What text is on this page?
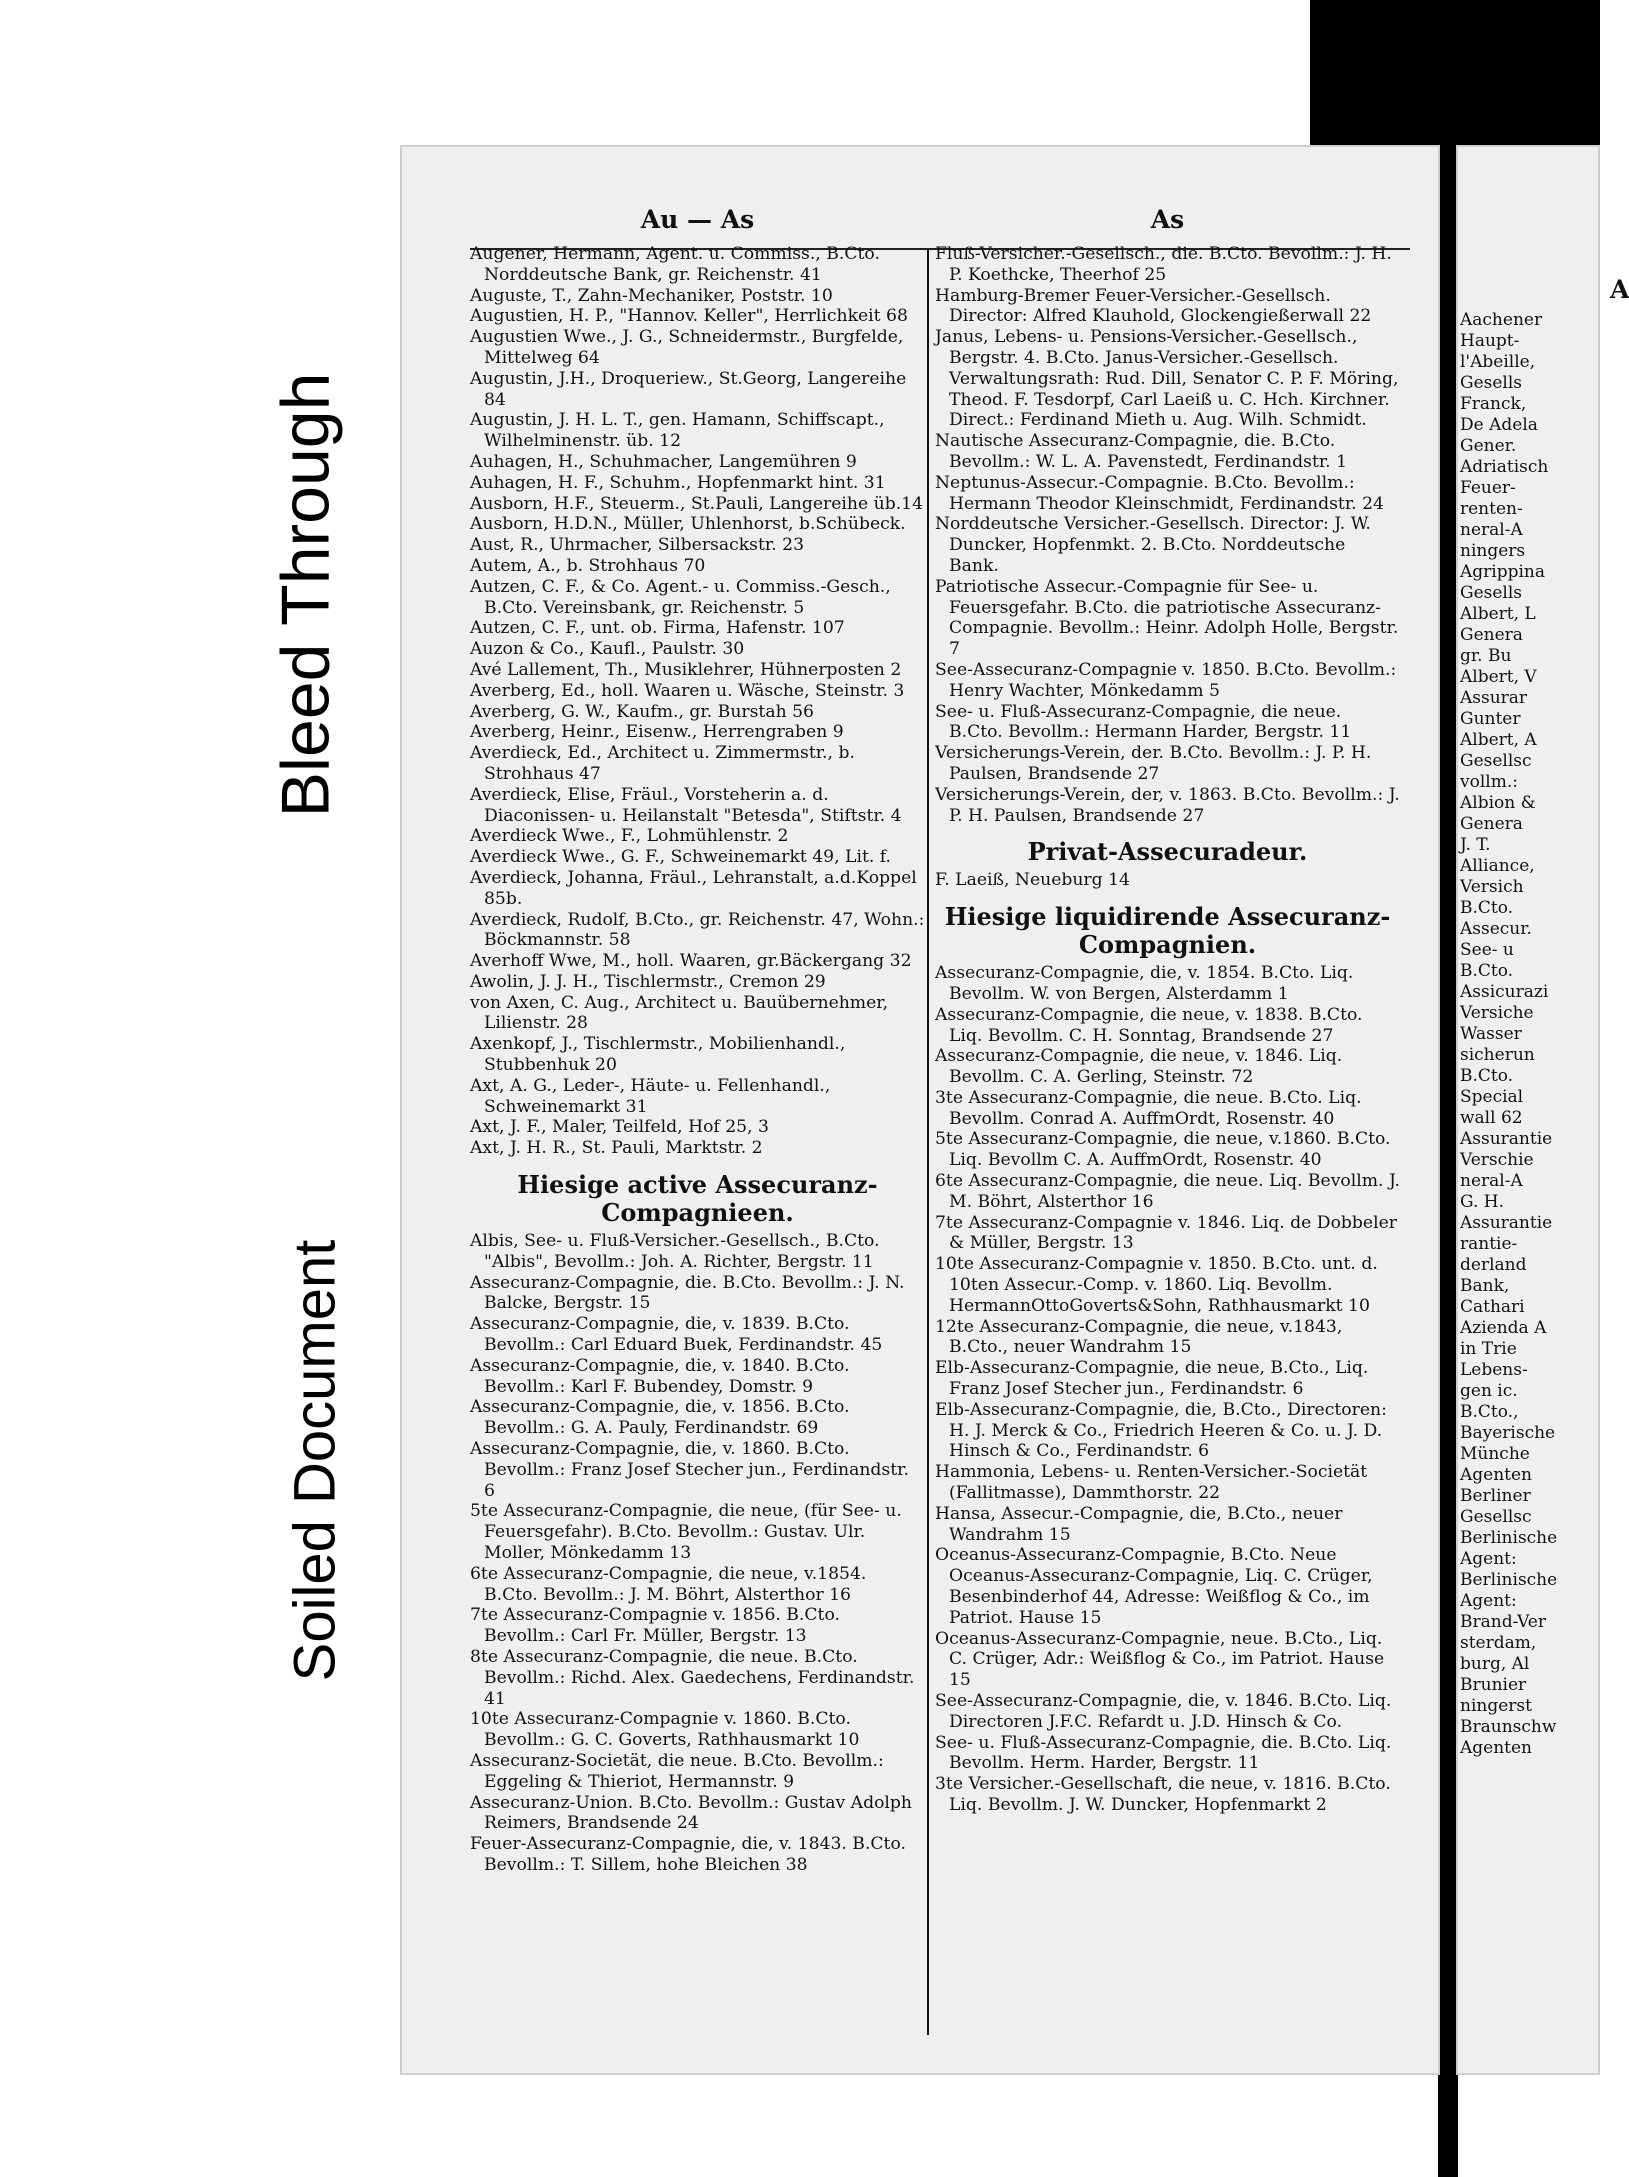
Bleed Through
Soiled Document
Au — As
Augener, Hermann, Agent. u. Commiss., B.Cto. Norddeutsche Bank, gr. Reichenstr. 41
Auguste, T., Zahn-Mechaniker, Poststr. 10
Augustien, H. P., "Hannov. Keller", Herrlichkeit 68
Augustien Wwe., J. G., Schneidermstr., Burgfelde, Mittelweg 64
Augustin, J.H., Droqueriew., St.Georg, Langereihe 84
Augustin, J. H. L. T., gen. Hamann, Schiffscapt., Wilhelminenstr. üb. 12
Auhagen, H., Schuhmacher, Langemühren 9
Auhagen, H. F., Schuhm., Hopfenmarkt hint. 31
Ausborn, H.F., Steuerm., St.Pauli, Langereihe üb.14
Ausborn, H.D.N., Müller, Uhlenhorst, b.Schübeck.
Aust, R., Uhrmacher, Silbersackstr. 23
Autem, A., b. Strohhaus 70
Autzen, C. F., & Co. Agent.- u. Commiss.-Gesch., B.Cto. Vereinsbank, gr. Reichenstr. 5
Autzen, C. F., unt. ob. Firma, Hafenstr. 107
Auzon & Co., Kaufl., Paulstr. 30
Avé Lallement, Th., Musiklehrer, Hühnerposten 2
Averberg, Ed., holl. Waaren u. Wäsche, Steinstr. 3
Averberg, G. W., Kaufm., gr. Burstah 56
Averberg, Heinr., Eisenw., Herrengraben 9
Averdieck, Ed., Architect u. Zimmermstr., b. Strohhaus 47
Averdieck, Elise, Fräul., Vorsteherin a. d. Diaconissen- u. Heilanstalt "Betesda", Stiftstr. 4
Averdieck Wwe., F., Lohmühlenstr. 2
Averdieck Wwe., G. F., Schweinemarkt 49, Lit. f.
Averdieck, Johanna, Fräul., Lehranstalt, a.d.Koppel 85b.
Averdieck, Rudolf, B.Cto., gr. Reichenstr. 47, Wohn.: Böckmannstr. 58
Averhoff Wwe, M., holl. Waaren, gr.Bäckergang 32
Awolin, J. J. H., Tischlermstr., Cremon 29
von Axen, C. Aug., Architect u. Bauübernehmer, Lilienstr. 28
Axenkopf, J., Tischlermstr., Mobilienhandl., Stubbenhuk 20
Axt, A. G., Leder-, Häute- u. Fellenhandl., Schweinemarkt 31
Axt, J. F., Maler, Teilfeld, Hof 25, 3
Axt, J. H. R., St. Pauli, Marktstr. 2
Hiesige active Assecuranz-Compagnieen.
Albis, See- u. Fluß-Versicher.-Gesellsch., B.Cto. "Albis", Bevollm.: Joh. A. Richter, Bergstr. 11
Assecuranz-Compagnie, die. B.Cto. Bevollm.: J. N. Balcke, Bergstr. 15
Assecuranz-Compagnie, die, v. 1839. B.Cto. Bevollm.: Carl Eduard Buek, Ferdinandstr. 45
Assecuranz-Compagnie, die, v. 1840. B.Cto. Bevollm.: Karl F. Bubendey, Domstr. 9
Assecuranz-Compagnie, die, v. 1856. B.Cto. Bevollm.: G. A. Pauly, Ferdinandstr. 69
Assecuranz-Compagnie, die, v. 1860. B.Cto. Bevollm.: Franz Josef Stecher jun., Ferdinandstr. 6
5te Assecuranz-Compagnie, die neue, (für See- u. Feuersgefahr). B.Cto. Bevollm.: Gustav. Ulr. Moller, Mönkedamm 13
6te Assecuranz-Compagnie, die neue, v.1854. B.Cto. Bevollm.: J. M. Böhrt, Alsterthor 16
7te Assecuranz-Compagnie v. 1856. B.Cto. Bevollm.: Carl Fr. Müller, Bergstr. 13
8te Assecuranz-Compagnie, die neue. B.Cto. Bevollm.: Richd. Alex. Gaedechens, Ferdinandstr. 41
10te Assecuranz-Compagnie v. 1860. B.Cto. Bevollm.: G. C. Goverts, Rathhausmarkt 10
Assecuranz-Societät, die neue. B.Cto. Bevollm.: Eggeling & Thieriot, Hermannstr. 9
Assecuranz-Union. B.Cto. Bevollm.: Gustav Adolph Reimers, Brandsende 24
Feuer-Assecuranz-Compagnie, die, v. 1843. B.Cto. Bevollm.: T. Sillem, hohe Bleichen 38
As
Fluß-Versicher.-Gesellsch., die. B.Cto. Bevollm.: J. H. P. Koethcke, Theerhof 25
Hamburg-Bremer Feuer-Versicher.-Gesellsch. Director: Alfred Klauhold, Glockengießerwall 22
Janus, Lebens- u. Pensions-Versicher.-Gesellsch., Bergstr. 4. B.Cto. Janus-Versicher.-Gesellsch. Verwaltungsrath: Rud. Dill, Senator C. P. F. Möring, Theod. F. Tesdorpf, Carl Laeiß u. C. Hch. Kirchner. Direct.: Ferdinand Mieth u. Aug. Wilh. Schmidt.
Nautische Assecuranz-Compagnie, die. B.Cto. Bevollm.: W. L. A. Pavenstedt, Ferdinandstr. 1
Neptunus-Assecur.-Compagnie. B.Cto. Bevollm.: Hermann Theodor Kleinschmidt, Ferdinandstr. 24
Norddeutsche Versicher.-Gesellsch. Director: J. W. Duncker, Hopfenmkt. 2. B.Cto. Norddeutsche Bank.
Patriotische Assecur.-Compagnie für See- u. Feuersgefahr. B.Cto. die patriotische Assecuranz-Compagnie. Bevollm.: Heinr. Adolph Holle, Bergstr. 7
See-Assecuranz-Compagnie v. 1850. B.Cto. Bevollm.: Henry Wachter, Mönkedamm 5
See- u. Fluß-Assecuranz-Compagnie, die neue. B.Cto. Bevollm.: Hermann Harder, Bergstr. 11
Versicherungs-Verein, der. B.Cto. Bevollm.: J. P. H. Paulsen, Brandsende 27
Versicherungs-Verein, der, v. 1863. B.Cto. Bevollm.: J. P. H. Paulsen, Brandsende 27
Privat-Assecuradeur.
F. Laeiß, Neueburg 14
Hiesige liquidirende Assecuranz-Compagnien.
Assecuranz-Compagnie, die, v. 1854. B.Cto. Liq. Bevollm. W. von Bergen, Alsterdamm 1
Assecuranz-Compagnie, die neue, v. 1838. B.Cto. Liq. Bevollm. C. H. Sonntag, Brandsende 27
Assecuranz-Compagnie, die neue, v. 1846. Liq. Bevollm. C. A. Gerling, Steinstr. 72
3te Assecuranz-Compagnie, die neue. B.Cto. Liq. Bevollm. Conrad A. AuffmOrdt, Rosenstr. 40
5te Assecuranz-Compagnie, die neue, v.1860. B.Cto. Liq. Bevollm C. A. AuffmOrdt, Rosenstr. 40
6te Assecuranz-Compagnie, die neue. Liq. Bevollm. J. M. Böhrt, Alsterthor 16
7te Assecuranz-Compagnie v. 1846. Liq. de Dobbeler & Müller, Bergstr. 13
10te Assecuranz-Compagnie v. 1850. B.Cto. unt. d. 10ten Assecur.-Comp. v. 1860. Liq. Bevollm. HermannOttoGoverts&Sohn, Rathhausmarkt 10
12te Assecuranz-Compagnie, die neue, v.1843, B.Cto., neuer Wandrahm 15
Elb-Assecuranz-Compagnie, die neue, B.Cto., Liq. Franz Josef Stecher jun., Ferdinandstr. 6
Elb-Assecuranz-Compagnie, die, B.Cto., Directoren: H. J. Merck & Co., Friedrich Heeren & Co. u. J. D. Hinsch & Co., Ferdinandstr. 6
Hammonia, Lebens- u. Renten-Versicher.-Societät (Fallitmasse), Dammthorstr. 22
Hansa, Assecur.-Compagnie, die, B.Cto., neuer Wandrahm 15
Oceanus-Assecuranz-Compagnie, B.Cto. Neue Oceanus-Assecuranz-Compagnie, Liq. C. Crüger, Besenbinderhof 44, Adresse: Weißflog & Co., im Patriot. Hause 15
Oceanus-Assecuranz-Compagnie, neue. B.Cto., Liq. C. Crüger, Adr.: Weißflog & Co., im Patriot. Hause 15
See-Assecuranz-Compagnie, die, v. 1846. B.Cto. Liq. Directoren J.F.C. Refardt u. J.D. Hinsch & Co.
See- u. Fluß-Assecuranz-Compagnie, die. B.Cto. Liq. Bevollm. Herm. Harder, Bergstr. 11
3te Versicher.-Gesellschaft, die neue, v. 1816. B.Cto. Liq. Bevollm. J. W. Duncker, Hopfenmarkt 2
A
Aachener
Haupt-
l'Abeille,
Gesells
Franck,
De Adela
Gener.
Adriatisch
Feuer-
renten-
neral-A
ningers
Agrippina
Gesells
Albert, L
Genera
gr. Bu
Albert, V
Assurar
Gunter
Albert, A
Gesellsc
vollm.:
Albion &
Genera
J. T.
Alliance,
Versich
B.Cto.
Assecur.
See- u
B.Cto.
Assicurazi
Versiche
Wasser
sicherun
B.Cto.
Special
wall 62
Assurantie
Verschie
neral-A
G. H.
Assurantie
rantie-
derland
Bank,
Cathari
Azienda A
in Trie
Lebens-
gen ic.
B.Cto.,
Bayerische
Münche
Agenten
Berliner
Gesellsc
Berlinische
Agent:
Berlinische
Agent:
Brand-Ver
sterdam,
burg, Al
Brunier
ningerst
Braunschw
Agenten
